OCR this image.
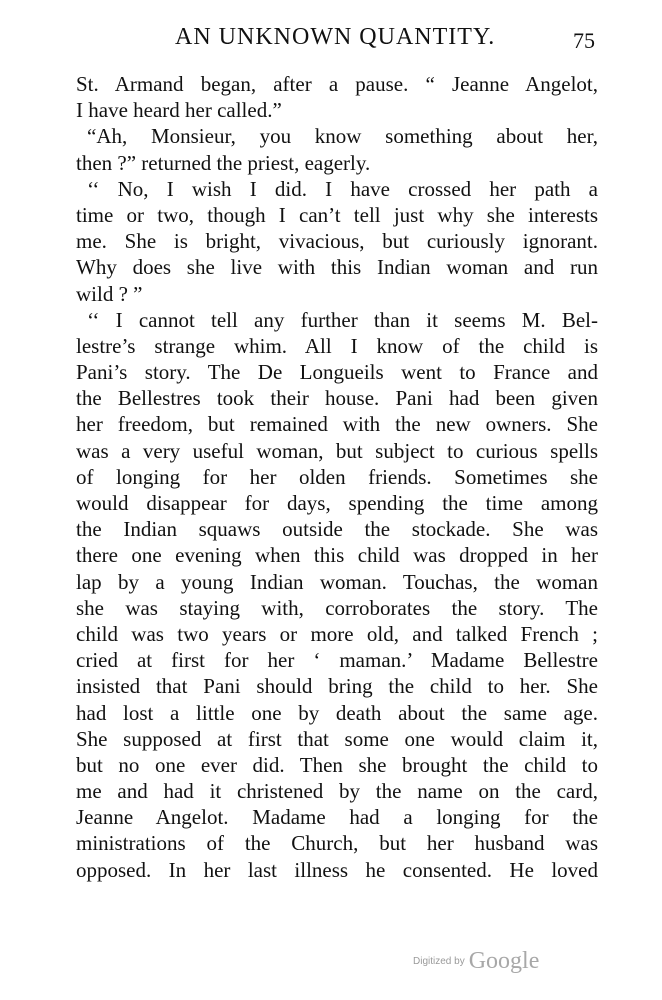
AN UNKNOWN QUANTITY.	75
St. Armand began, after a pause. “ Jeanne Angelot,
I have heard her called.”
“Ah, Monsieur, you know something about her,
then ?” returned the priest, eagerly.
‘‘ No, I wish I did. I have crossed her path a
time or two, though I can’t tell just why she interests
me. She is bright, vivacious, but curiously ignorant.
Why does she live with this Indian woman and run
wild ? ”
‘‘ I cannot tell any further than it seems M. Bel-
lestre’s strange whim. All I know of the child is
Pani’s story. The De Longueils went to France and
the Bellestres took their house. Pani had been given
her freedom, but remained with the new owners. She
was a very useful woman, but subject to curious spells
of longing for her olden friends. Sometimes she
would disappear for days, spending the time among
the Indian squaws outside the stockade. She was
there one evening when this child was dropped in her
lap by a young Indian woman. Touchas, the woman
she was staying with, corroborates the story. The
child was two years or more old, and talked French ;
cried at first for her ‘ maman.’ Madame Bellestre
insisted that Pani should bring the child to her. She
had lost a little one by death about the same age.
She supposed at first that some one would claim it,
but no one ever did. Then she brought the child to
me and had it christened by the name on the card,
Jeanne Angelot. Madame had a longing for the
ministrations of the Church, but her husband was
opposed. In her last illness he consented. He loved
Digitized by Google
